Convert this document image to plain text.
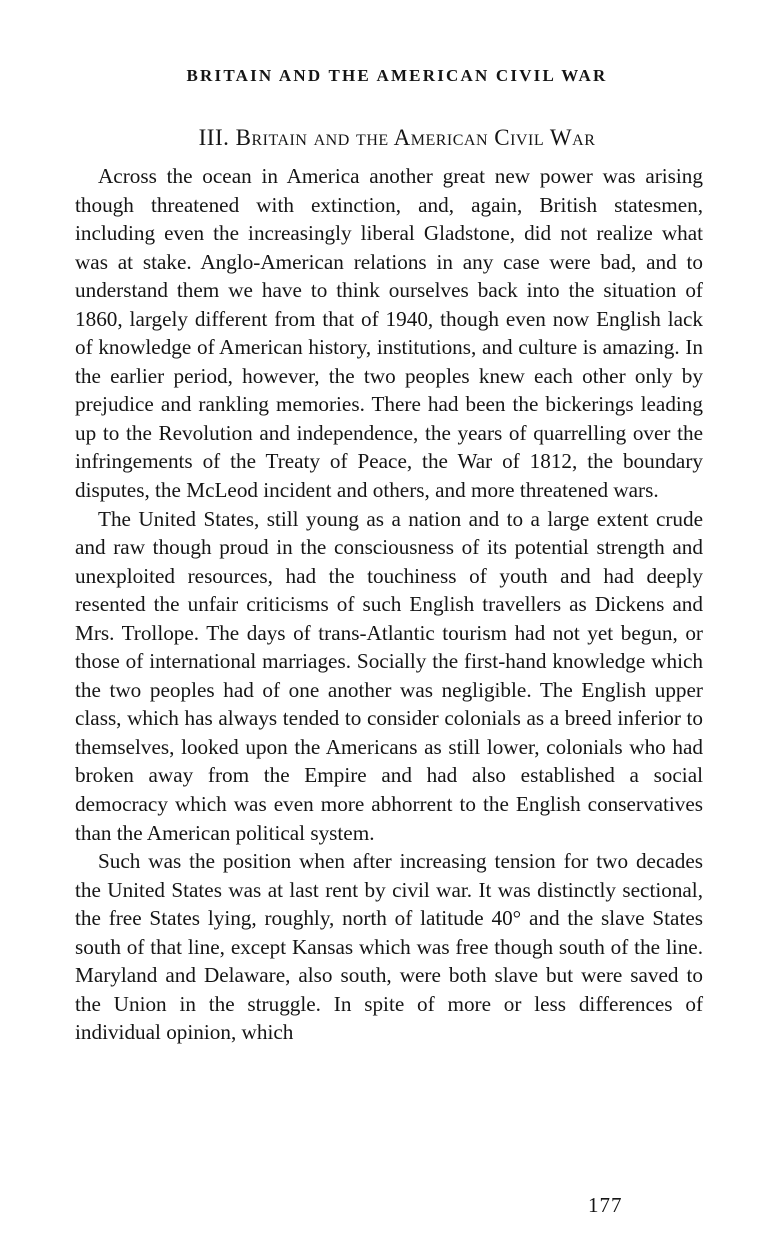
BRITAIN AND THE AMERICAN CIVIL WAR
III. Britain and the American Civil War

Across the ocean in America another great new power was arising though threatened with extinction, and, again, British statesmen, including even the increasingly liberal Gladstone, did not realize what was at stake. Anglo-American relations in any case were bad, and to understand them we have to think ourselves back into the situation of 1860, largely different from that of 1940, though even now English lack of knowledge of American history, institutions, and culture is amazing. In the earlier period, however, the two peoples knew each other only by prejudice and rankling memories. There had been the bickerings leading up to the Revolution and independence, the years of quarrelling over the infringements of the Treaty of Peace, the War of 1812, the boundary disputes, the McLeod incident and others, and more threatened wars.

The United States, still young as a nation and to a large extent crude and raw though proud in the consciousness of its potential strength and unexploited resources, had the touchiness of youth and had deeply resented the unfair criticisms of such English travellers as Dickens and Mrs. Trollope. The days of trans-Atlantic tourism had not yet begun, or those of international marriages. Socially the first-hand knowledge which the two peoples had of one another was negligible. The English upper class, which has always tended to consider colonials as a breed inferior to themselves, looked upon the Americans as still lower, colonials who had broken away from the Empire and had also established a social democracy which was even more abhorrent to the English conservatives than the American political system.

Such was the position when after increasing tension for two decades the United States was at last rent by civil war. It was distinctly sectional, the free States lying, roughly, north of latitude 40° and the slave States south of that line, except Kansas which was free though south of the line. Maryland and Delaware, also south, were both slave but were saved to the Union in the struggle. In spite of more or less differences of individual opinion, which

177
